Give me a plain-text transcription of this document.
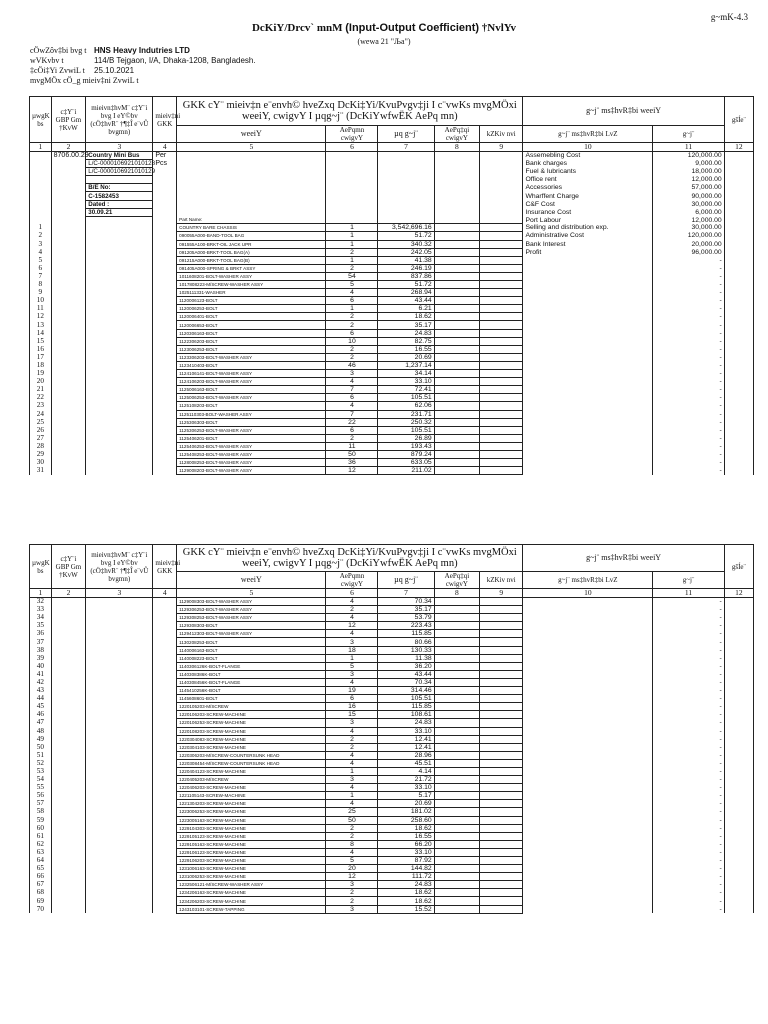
g~mK-4.3
DcKiY/Drcv` mnM (Input-Output Coefficient) †NvlYv
(wewa 21 "Ља")
cÖwZôv‡bi bvg t HNS Heavy Indutries LTD
wVKvbv t	114/B Tejgaon, I/A, Dhaka-1208, Bangladesh.
‡cÖi‡Yi ZvwiL t	25.10.2021
mvgMÖx cÖ_g mieiv‡ni ZvwiL t
µwgK bs	c‡Y¨i GBP Gm †KvW	mieivn‡hvM¨ c‡Y¨i bvg I eY©bv (cÖ‡hvR¨ †¶‡Î e¨vÛ bvgmn)	mieiv‡ni GKK	GKK cY¨ mieiv‡n e¨envh© hveZxq DcKi‡Yi/KvuPvgv‡ji I c¨vwKs mvgMÖxi weeiY, cwigvY I µqg~j¨ (DcKiYwfwËK AePq mn)					g~j¨ ms‡hvR‡bi weeiY		gšÍe¨
				weeiY	AePqmn cwigvY	µq g~j¨	AePq‡qi cwigvY	kZKiv nvi			
									g~j¨ ms‡hvR‡bi LvZ	g~j¨	
1	2	3	4	5	6	7	8	9	10	11	12
	8706.00.29	Country Mini Bus	Per						Assemebling Cost	120,000.00	
		L/C-0000106921010128	Pcs						Bank charges	9,000.00	
		L/C-0000106921010129							Fuel & lubricants	18,000.00	
									Office rent	12,000.00	
		B/E No:							Accessories	57,000.00	
		C-1582453							Wharffent Charge	90,000.00	
		Dated :							C&F Cost	30,000.00	
		30.09.21							Insurance Cost	6,000.00	
				Part Name:					Port Labour	12,000.00	
1				COUNTRY BARE CHASSIS	1	3,542,696.16			Selling and distribution exp.	30,000.00	
2				090055A000-BAND-TOOL BAG	1	51.72			Administrative Cost	120,000.00	
3				091555A100-BRKT-OIL JACK UPR	1	340.32			Bank Interest	20,000.00	
4				091205A000-BRKT-TOOL BAG(A)	2	242.05			Profit	96,000.00	
5				091215A000-BRKT-TOOL BAG(B)	1	41.38				-	
6				091405A000-SPRING & BRKT ASSY	2	246.19				-	
7				1011608201-BOLT-WASHER ASSY	54	837.86				-	
8				1017808223-M/SCREW-WASHER ASSY	5	51.72				-	
9				1025111331-WASHER	4	268.94				-	
10				1120006123-BOLT	6	43.44				-	
11				1120006253-BOLT	1	6.21				-	
12				1120006401-BOLT	2	18.62				-	
13				1120006653-BOLT	2	35.17				-	
14				1120306163-BOLT	6	24.83				-	
15				1122306203-BOLT	10	82.75				-	
16				1123006253-BOLT	2	16.55				-	
17				1123306203-BOLT-WASHER ASSY	2	20.69				-	
18				1123410403-BOLT	46	1,237.14				-	
19				1124106141-BOLT-WASHER ASSY	3	34.14				-	
20				1124106203-BOLT-WASHER ASSY	4	33.10				-	
21				1125006163-BOLT	7	72.41				-	
22				1125006253-BOLT-WASHER ASSY	6	105.51				-	
23				1125108203-BOLT	4	62.06				-	
24				1125110303-BOLT-WASHER ASSY	7	231.71				-	
25				1125306303-BOLT	22	250.32				-	
26				1125306253-BOLT-WASHER ASSY	6	105.51				-	
27				1125406201-BOLT	2	26.89				-	
28				1125406253-BOLT-WASHER ASSY	11	193.43				-	
29				1125408253-BOLT-WASHER ASSY	50	879.24				-	
30				1128008253-BOLT-WASHER ASSY	36	633.05				-	
31				1129008203-BOLT-WASHER ASSY	12	211.02				-	
µwgK bs	c‡Y¨i GBP Gm †KvW	mieivn‡hvM¨ c‡Y¨i bvg I eY©bv (cÖ‡hvR¨ †¶‡Î e¨vÛ bvgmn)	mieiv‡ni GKK	GKK cY¨ mieiv‡n e¨envh© hveZxq DcKi‡Yi/KvuPvgv‡ji I c¨vwKs mvgMÖxi weeiY, cwigvY I µqg~j¨ (DcKiYwfwËK AePq mn)					g~j¨ ms‡hvR‡bi weeiY		gšÍe¨
				weeiY	AePqmn cwigvY	µq g~j¨	AePq‡qi cwigvY	kZKiv nvi			
									g~j¨ ms‡hvR‡bi LvZ	g~j¨	
1	2	3	4	5	6	7	8	9	10	11	12
32				1129008303-BOLT-WASHER ASSY	4	70.34				-	
33				1129306253-BOLT-WASHER ASSY	2	35.17				-	
34				1129308253-BOLT-WASHER ASSY	4	53.79				-	
35				1129308303-BOLT	12	223.43				-	
36				1129412303-BOLT-WASHER ASSY	4	115.85				-	
37				1130208253-BOLT	3	80.66				-	
38				1140006163-BOLT	18	130.33				-	
39				1140008223-BOLT	1	11.38				-	
40				1140306126K-BOLT-FLANGE	5	36.20				-	
41				1140308386K-BOLT	3	43.44				-	
42				1140308456K-BOLT-FLANGE	4	70.34				-	
43				1145410256K-BOLT	19	314.46				-	
44				1145608601-BOLT	6	105.51				-	
45				1220105203-M/SCREW	16	115.85				-	
46				1220106203-SCREW-MACHINE	15	108.61				-	
47				1220106253-SCREW-MACHINE	3	24.83				-	
48				1220108203-SCREW-MACHINE	4	33.10				-	
49				1220304083-SCREW-MACHINE	2	12.41				-	
50				1220304103-SCREW-MACHINE	2	12.41				-	
51				1220306203-M/SCREW-COUNTERSUNK HEAD	4	28.96				-	
52				1220308454-M/SCREW-COUNTERSUNK HEAD	4	45.51				-	
53				1220404123-SCREW-MACHINE	1	4.14				-	
54				1220405203-M/SCREW	3	21.72				-	
55				1220406203-SCREW-MACHINE	4	33.10				-	
56				1221105143-SCREW-MACHINE	1	5.17				-	
57				1221304203-SCREW-MACHINE	4	20.69				-	
58				1223006253-SCREW-MACHINE	25	181.02				-	
59				1223005163-SCREW-MACHINE	50	258.60				-	
60				1229104303-SCREW-MACHINE	2	18.62				-	
61				1229105123-SCREW-MACHINE	2	16.55				-	
62				1229105163-SCREW-MACHINE	8	66.20				-	
63				1229106123-SCREW-MACHINE	4	33.10				-	
64				1229106203-SCREW-MACHINE	5	87.92				-	
65				1231006163-SCREW-MACHINE	20	144.82				-	
66				1231006253-SCREW-MACHINE	12	111.72				-	
67				1232506121-M/SCREW-WASHER ASSY	3	24.83				-	
68				1234206163-SCREW-MACHINE	2	18.62				-	
69				1234206203-SCREW-MACHINE	2	18.62				-	
70				1243103101-SCREW-TAPPING	3	15.52				-	
